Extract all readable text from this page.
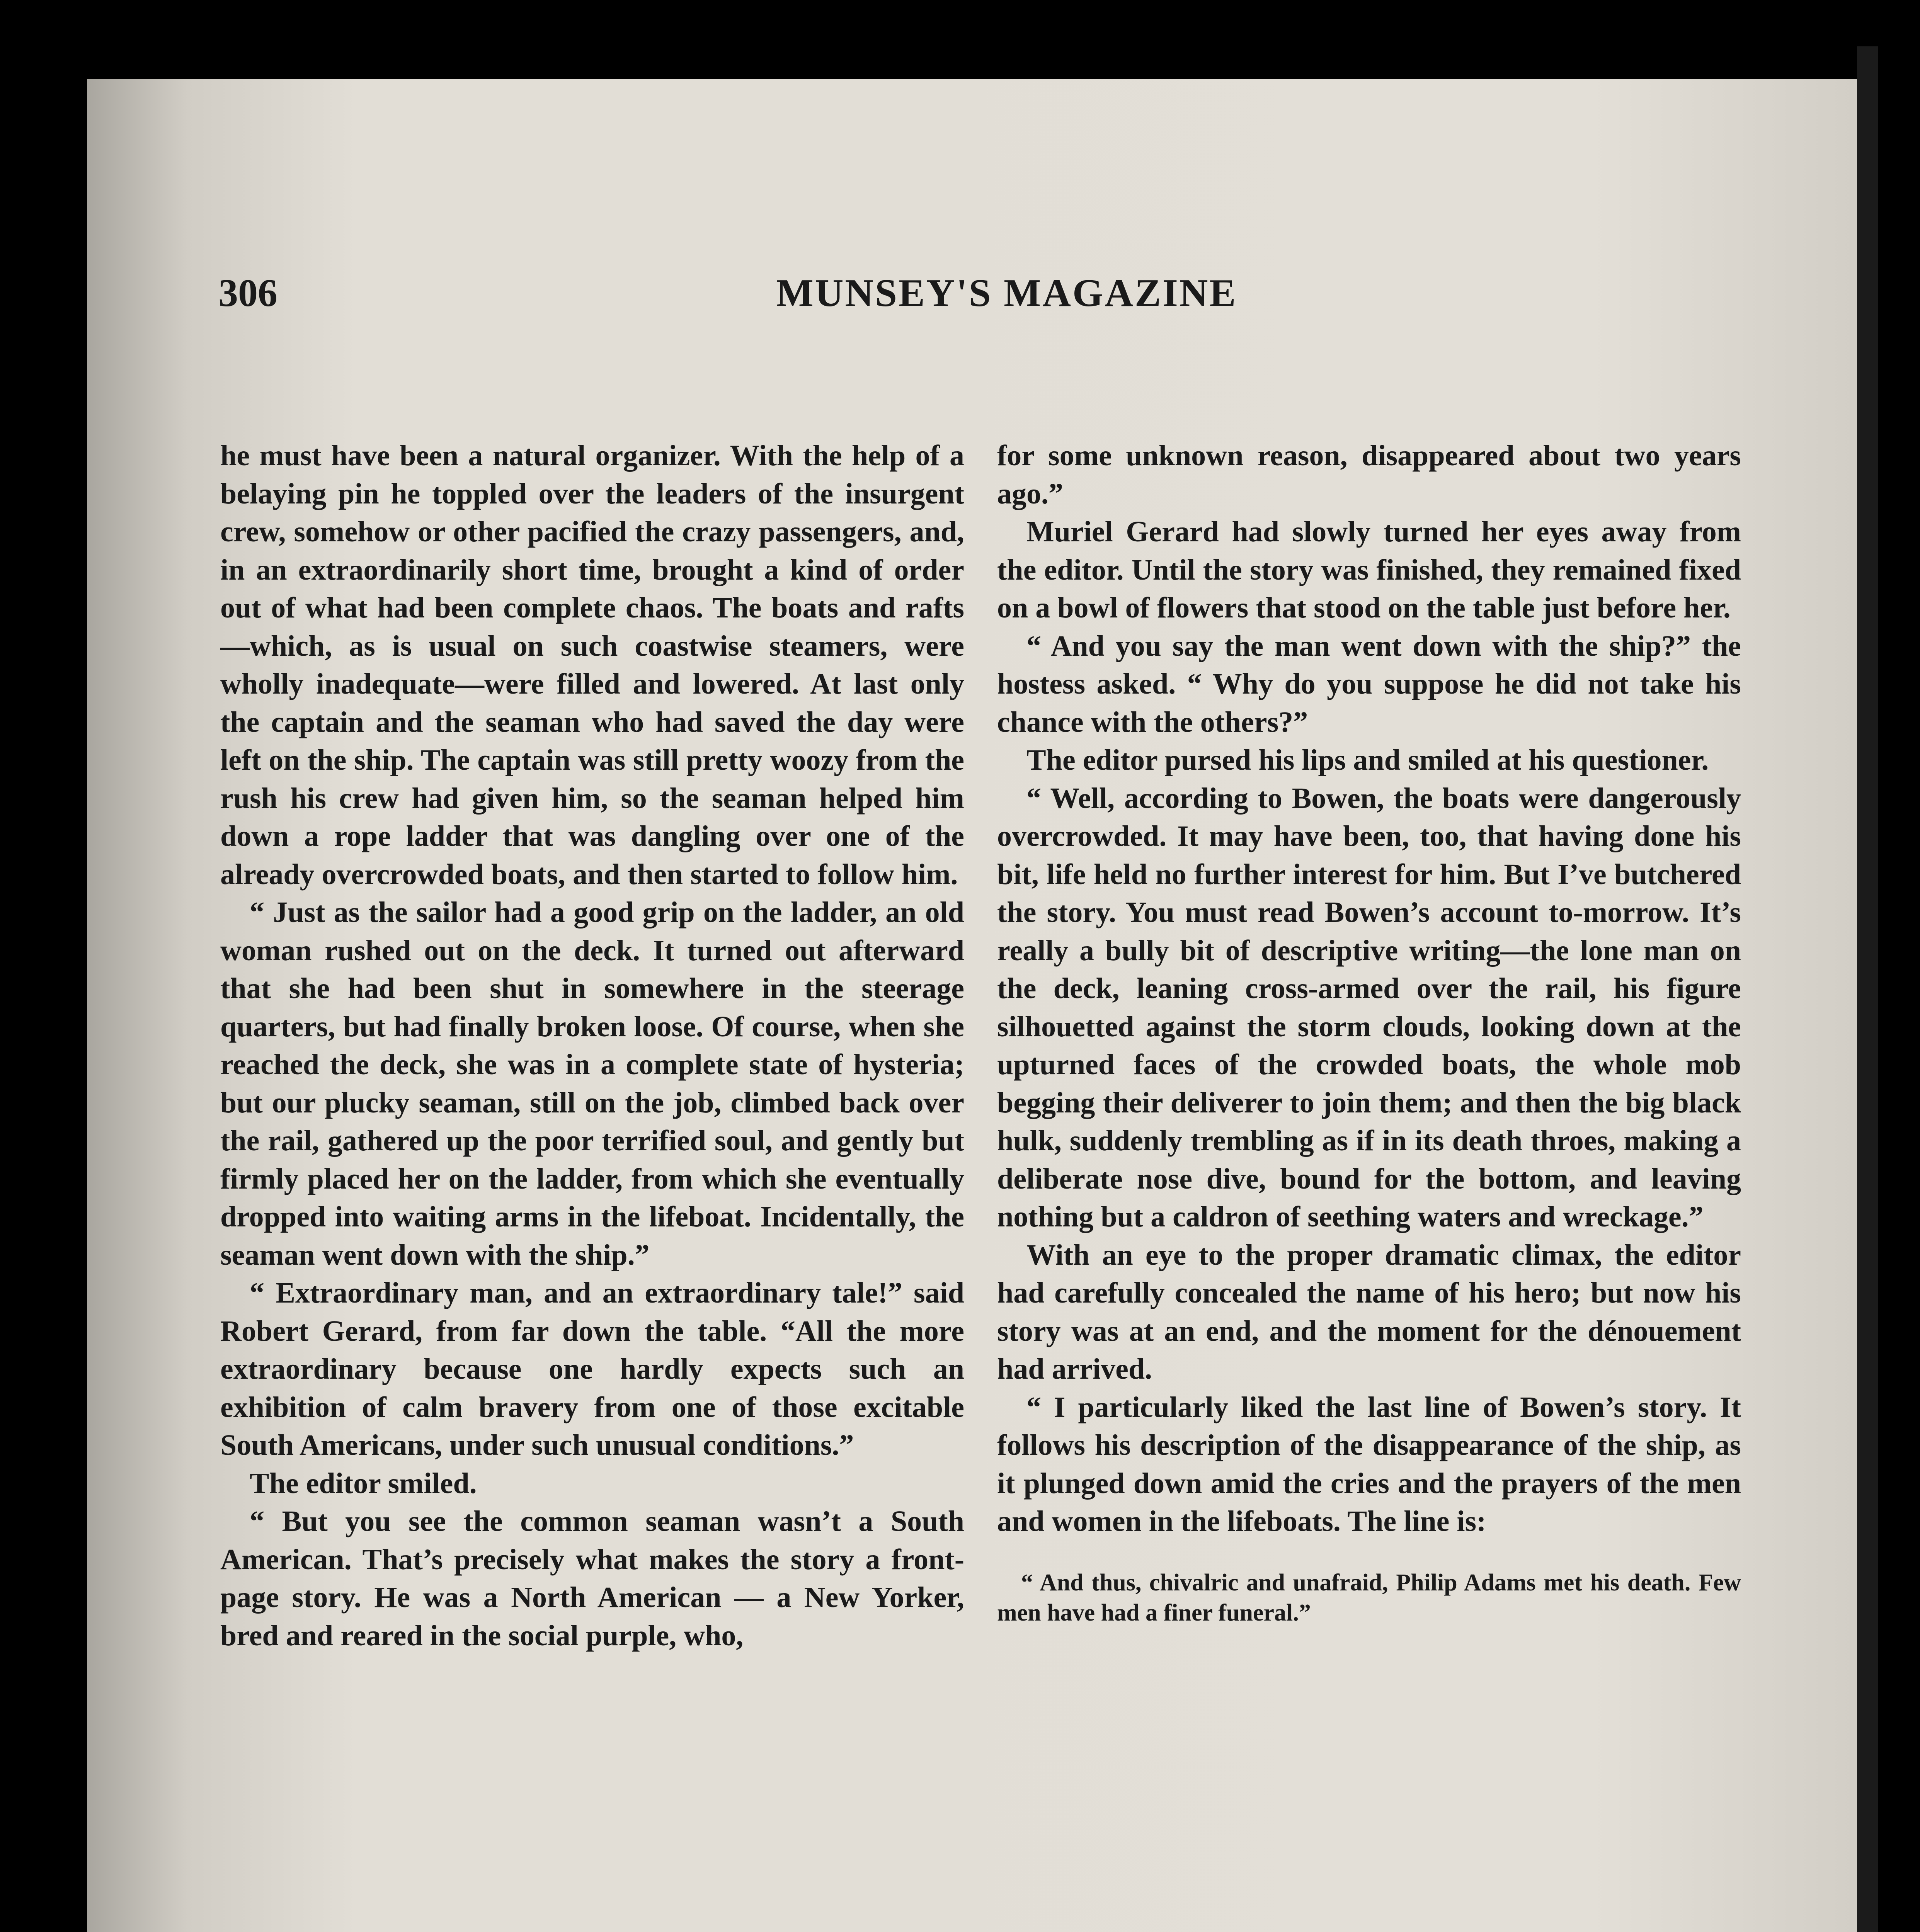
306	MUNSEY'S MAGAZINE

he must have been a natural organizer. With the help of a belaying pin he toppled over the leaders of the insurgent crew, somehow or other pacified the crazy passengers, and, in an extraordinarily short time, brought a kind of order out of what had been complete chaos. The boats and rafts—which, as is usual on such coastwise steamers, were wholly inadequate—were filled and lowered. At last only the captain and the seaman who had saved the day were left on the ship. The captain was still pretty woozy from the rush his crew had given him, so the seaman helped him down a rope ladder that was dangling over one of the already overcrowded boats, and then started to follow him.

“ Just as the sailor had a good grip on the ladder, an old woman rushed out on the deck. It turned out afterward that she had been shut in somewhere in the steerage quarters, but had finally broken loose. Of course, when she reached the deck, she was in a complete state of hysteria; but our plucky seaman, still on the job, climbed back over the rail, gathered up the poor terrified soul, and gently but firmly placed her on the ladder, from which she eventually dropped into waiting arms in the lifeboat. Incidentally, the seaman went down with the ship.”

“ Extraordinary man, and an extraordinary tale!” said Robert Gerard, from far down the table. “All the more extraordinary because one hardly expects such an exhibition of calm bravery from one of those excitable South Americans, under such unusual conditions.”

The editor smiled.

“ But you see the common seaman wasn’t a South American. That’s precisely what makes the story a front-page story. He was a North American — a New Yorker, bred and reared in the social purple, who,

for some unknown reason, disappeared about two years ago.”

Muriel Gerard had slowly turned her eyes away from the editor. Until the story was finished, they remained fixed on a bowl of flowers that stood on the table just before her.

“ And you say the man went down with the ship?” the hostess asked. “ Why do you suppose he did not take his chance with the others?”

The editor pursed his lips and smiled at his questioner.

“ Well, according to Bowen, the boats were dangerously overcrowded. It may have been, too, that having done his bit, life held no further interest for him. But I’ve butchered the story. You must read Bowen’s account to-morrow. It’s really a bully bit of descriptive writing—the lone man on the deck, leaning cross-armed over the rail, his figure silhouetted against the storm clouds, looking down at the upturned faces of the crowded boats, the whole mob begging their deliverer to join them; and then the big black hulk, suddenly trembling as if in its death throes, making a deliberate nose dive, bound for the bottom, and leaving nothing but a caldron of seething waters and wreckage.”

With an eye to the proper dramatic climax, the editor had carefully concealed the name of his hero; but now his story was at an end, and the moment for the dénouement had arrived.

“ I particularly liked the last line of Bowen’s story. It follows his description of the disappearance of the ship, as it plunged down amid the cries and the prayers of the men and women in the lifeboats. The line is:

“ And thus, chivalric and unafraid, Philip Adams met his death. Few men have had a finer funeral.”
